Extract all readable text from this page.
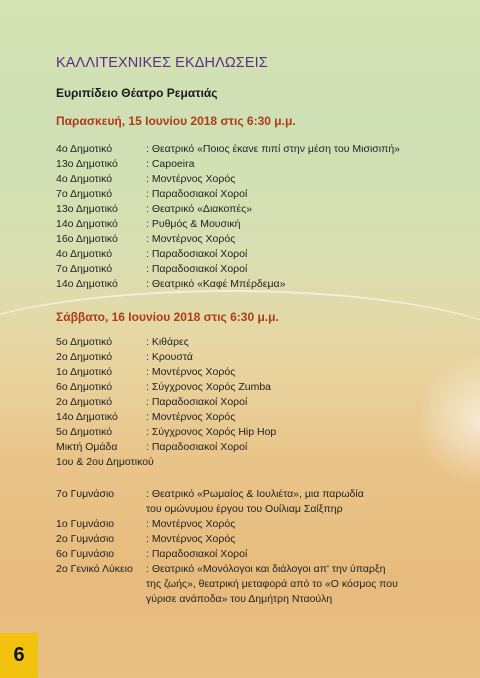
ΚΑΛΛΙΤΕΧΝΙΚΕΣ ΕΚΔΗΛΩΣΕΙΣ
Ευριπίδειο Θέατρο Ρεματιάς
Παρασκευή, 15 Ιουνίου 2018 στις 6:30 μ.μ.
4ο Δημοτικό	: Θεατρικό «Ποιος έκανε πιπί στην μέση του Μισισιπή»
13ο Δημοτικό	: Capoeira
4ο Δημοτικό	: Μοντέρνος Χορός
7ο Δημοτικό	: Παραδοσιακοί Χοροί
13ο Δημοτικό	: Θεατρικό «Διακοπές»
14ο Δημοτικό	: Ρυθμός & Μουσική
16ο Δημοτικό	: Μοντέρνος Χορός
4ο Δημοτικό	: Παραδοσιακοί Χοροί
7ο Δημοτικό	: Παραδοσιακοί Χοροί
14ο Δημοτικό	: Θεατρικό «Καφέ Μπέρδεμα»
Σάββατο, 16 Ιουνίου 2018 στις 6:30 μ.μ.
5ο Δημοτικό	: Κιθάρες
2ο Δημοτικό	: Κρουστά
1ο Δημοτικό	: Μοντέρνος Χορός
6ο Δημοτικό	: Σύγχρονος Χορός Zumba
2ο Δημοτικό	: Παραδοσιακοί Χοροί
14ο Δημοτικό	: Μοντέρνος Χορός
5ο Δημοτικό	: Σύγχρονος Χορός Hip Hop
Μικτή Ομάδα	: Παραδοσιακοί Χοροί
1ου & 2ου Δημοτικού
7ο Γυμνάσιο	: Θεατρικό «Ρωμαίος & Ιουλιέτα», μια παρωδία
του ομώνυμου έργου του Ουίλιαμ Σαίξπηρ
1ο Γυμνάσιο	: Μοντέρνος Χορός
2ο Γυμνάσιο	: Μοντέρνος Χορός
6ο Γυμνάσιο	: Παραδοσιακοί Χοροί
2ο Γενικό Λύκειο	: Θεατρικό «Μονόλογοι και διάλογοι απ' την ύπαρξη
της ζωής», θεατρική μεταφορά από το «Ο κόσμος που
γύρισε ανάποδα» του Δημήτρη Νταούλη
6
